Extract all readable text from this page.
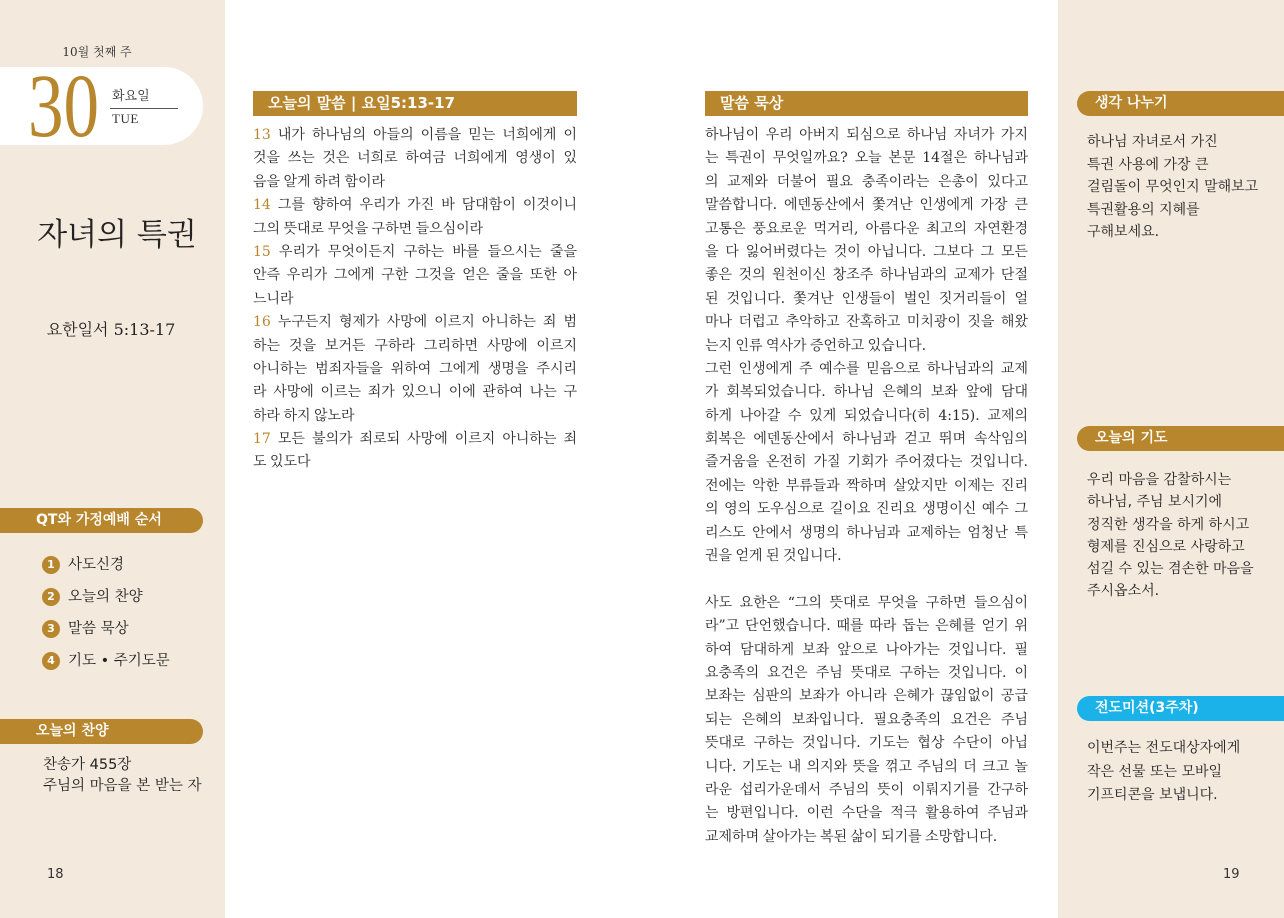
10월 첫째 주
30 화요일
TUE
자녀의 특권
요한일서 5:13-17
QT와 가정예배 순서
1 사도신경
2 오늘의 찬양
3 말씀 묵상
4 기도 • 주기도문
오늘의 찬양
찬송가 455장
주님의 마음을 본 받는 자
18
오늘의 말씀 | 요일5:13-17
13 내가 하나님의 아들의 이름을 믿는 너희에게 이
것을 쓰는 것은 너희로 하여금 너희에게 영생이 있
음을 알게 하려 함이라
14 그를 향하여 우리가 가진 바 담대함이 이것이니
그의 뜻대로 무엇을 구하면 들으심이라
15 우리가 무엇이든지 구하는 바를 들으시는 줄을
안즉 우리가 그에게 구한 그것을 얻은 줄을 또한 아
느니라
16 누구든지 형제가 사망에 이르지 아니하는 죄 범
하는 것을 보거든 구하라 그리하면 사망에 이르지
아니하는 범죄자들을 위하여 그에게 생명을 주시리
라 사망에 이르는 죄가 있으니 이에 관하여 나는 구
하라 하지 않노라
17 모든 불의가 죄로되 사망에 이르지 아니하는 죄
도 있도다
말씀 묵상
하나님이 우리 아버지 되심으로 하나님 자녀가 가지
는 특권이 무엇일까요? 오늘 본문 14절은 하나님과
의 교제와 더불어 필요 충족이라는 은총이 있다고
말씀합니다. 에덴동산에서 쫓겨난 인생에게 가장 큰
고통은 풍요로운 먹거리, 아름다운 최고의 자연환경
을 다 잃어버렸다는 것이 아닙니다. 그보다 그 모든
좋은 것의 원천이신 창조주 하나님과의 교제가 단절
된 것입니다. 쫓겨난 인생들이 벌인 짓거리들이 얼
마나 더럽고 추악하고 잔혹하고 미치광이 짓을 해왔
는지 인류 역사가 증언하고 있습니다.
그런 인생에게 주 예수를 믿음으로 하나님과의 교제
가 회복되었습니다. 하나님 은혜의 보좌 앞에 담대
하게 나아갈 수 있게 되었습니다(히 4:15). 교제의
회복은 에덴동산에서 하나님과 걷고 뛰며 속삭임의
즐거움을 온전히 가질 기회가 주어졌다는 것입니다.
전에는 악한 부류들과 짝하며 살았지만 이제는 진리
의 영의 도우심으로 길이요 진리요 생명이신 예수 그
리스도 안에서 생명의 하나님과 교제하는 엄청난 특
권을 얻게 된 것입니다.
사도 요한은 “그의 뜻대로 무엇을 구하면 들으심이
라”고 단언했습니다. 때를 따라 돕는 은혜를 얻기 위
하여 담대하게 보좌 앞으로 나아가는 것입니다. 필
요충족의 요건은 주님 뜻대로 구하는 것입니다. 이
보좌는 심판의 보좌가 아니라 은혜가 끊임없이 공급
되는 은혜의 보좌입니다. 필요충족의 요건은 주님
뜻대로 구하는 것입니다. 기도는 협상 수단이 아닙
니다. 기도는 내 의지와 뜻을 꺾고 주님의 더 크고 놀
라운 섭리가운데서 주님의 뜻이 이뤄지기를 간구하
는 방편입니다. 이런 수단을 적극 활용하여 주님과
교제하며 살아가는 복된 삶이 되기를 소망합니다.
생각 나누기
하나님 자녀로서 가진
특권 사용에 가장 큰
걸림돌이 무엇인지 말해보고
특권활용의 지혜를
구해보세요.
오늘의 기도
우리 마음을 감찰하시는
하나님, 주님 보시기에
정직한 생각을 하게 하시고
형제를 진심으로 사랑하고
섬길 수 있는 겸손한 마음을
주시옵소서.
전도미션(3주차)
이번주는 전도대상자에게
작은 선물 또는 모바일
기프티콘을 보냅니다.
19
